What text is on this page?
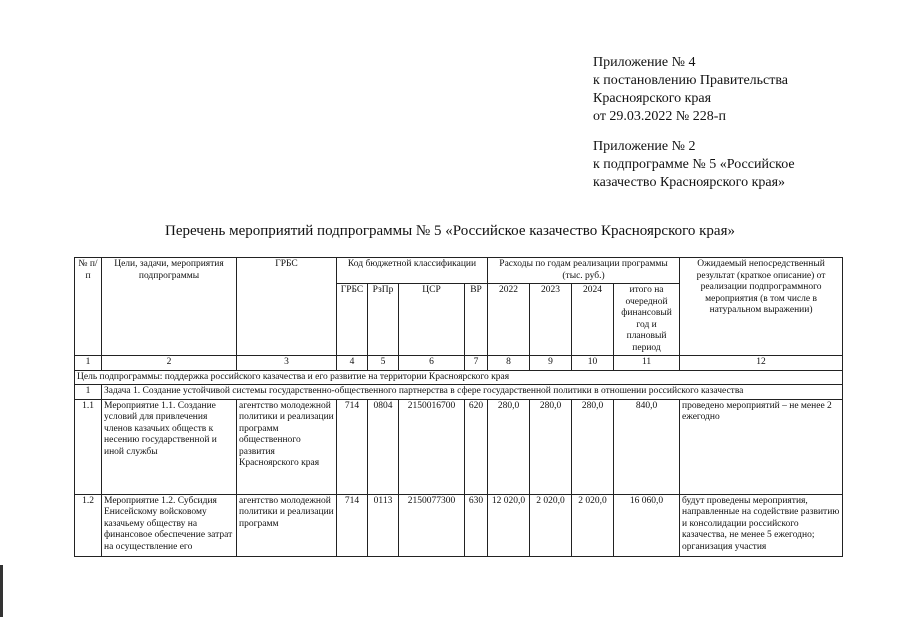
Приложение № 4
к постановлению Правительства
Красноярского края
от 29.03.2022 № 228-п
Приложение № 2
к подпрограмме № 5 «Российское
казачество Красноярского края»
Перечень мероприятий подпрограммы № 5 «Российское казачество Красноярского края»
№ п/п	Цели, задачи, мероприятия подпрограммы	ГРБС	Код бюджетной классификации				Расходы по годам реализации программы (тыс. руб.)				Ожидаемый непосредственный результат (краткое описание) от реализации подпрограммного мероприятия (в том числе в натуральном выражении)
			ГРБС	РзПр	ЦСР	ВР	2022	2023	2024	итого на очередной финансовый год и плановый период	
1	2	3	4	5	6	7	8	9	10	11	12
Цель подпрограммы: поддержка российского казачества и его развитие на территории Красноярского края											
1	Задача 1. Создание устойчивой системы государственно-общественного партнерства в сфере государственной политики в отношении российского казачества										
1.1	Мероприятие 1.1. Создание условий для привлечения членов казачьих обществ к несению государственной и иной службы	агентство молодежной политики и реализации программ общественного развития Красноярского края	714	0804	2150016700	620	280,0	280,0	280,0	840,0	проведено мероприятий – не менее 2 ежегодно
1.2	Мероприятие 1.2. Субсидия Енисейскому войсковому казачьему обществу на финансовое обеспечение затрат на осуществление его	агентство молодежной политики и реализации программ	714	0113	2150077300	630	12 020,0	2 020,0	2 020,0	16 060,0	будут проведены мероприятия, направленные на содействие развитию и консолидации российского казачества, не менее 5 ежегодно; организация участия
